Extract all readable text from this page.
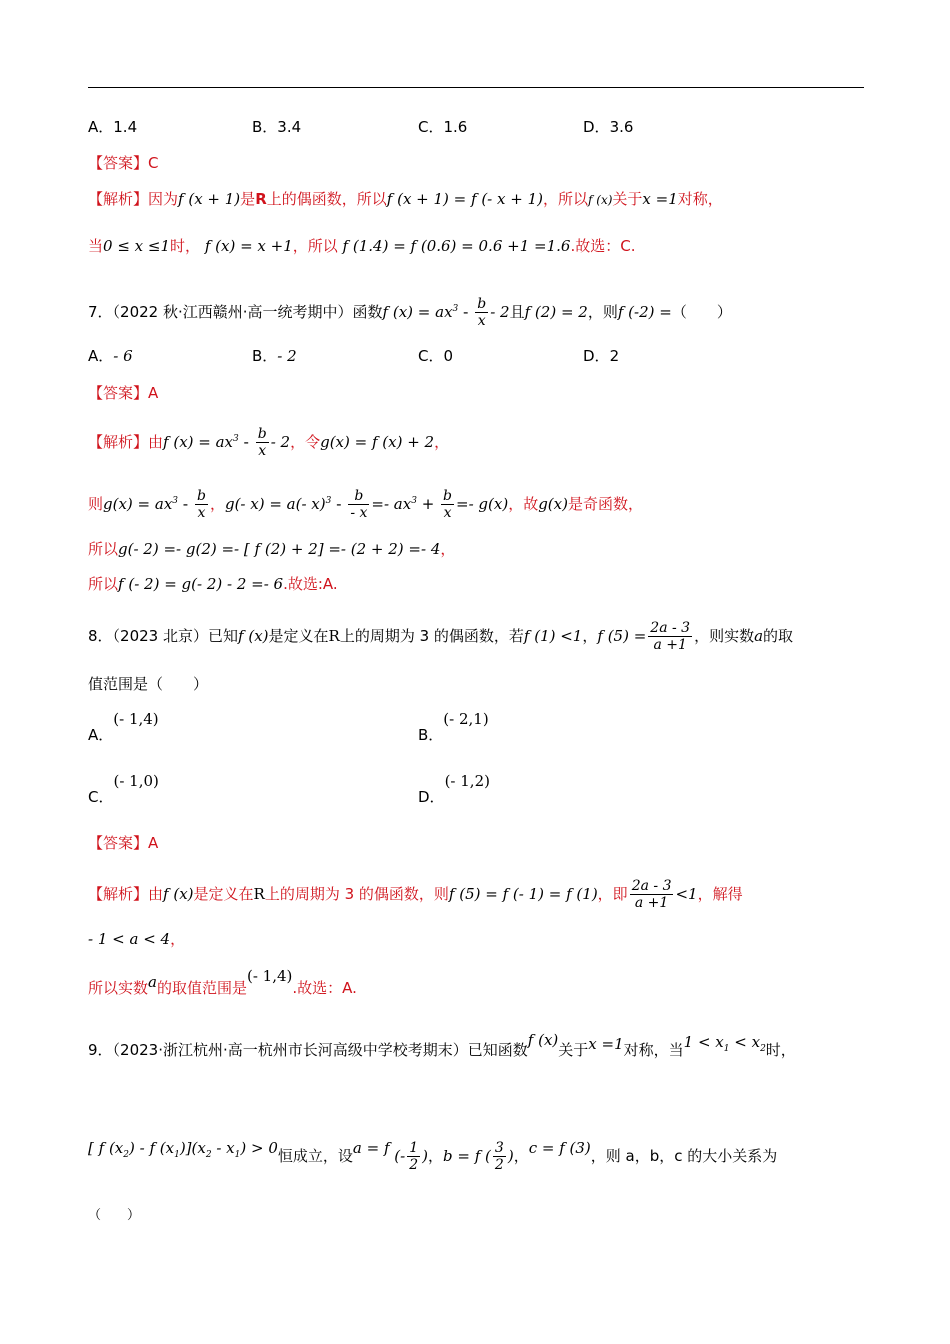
A．1.4	B．3.4	C．1.6	D．3.6
【答案】C
【解析】因为f (x + 1)是R上的偶函数，所以f (x + 1) = f (- x + 1)，所以f (x)关于x =1对称，
当0 ≤ x ≤1时， f (x) = x +1，所以 f (1.4) = f (0.6) = 0.6 +1 =1.6.故选：C.
7．（2022 秋·江西赣州·高一统考期中）函数f $(x) = ax^3 - \frac{b}{x} - 2$且f (2) = 2，则f (-2) =（　　）
A．- 6	B．- 2	C．0	D．2
【答案】A
【解析】由f $(x) = ax^3 - \frac{b}{x} - 2$，令g(x) = f (x) + 2，
则$g(x) = ax^3 - \frac{b}{x}$ ，g(- x) = a(- $x)^3 - \frac{b}{- x} =- ax^3 + \frac{b}{x} =- g(x)$，故g(x)是奇函数，
所以g(- 2) =- g(2) =- [ f (2) + 2] =- (2 + 2) =- 4，
所以f (- 2) = g(- 2) - 2 =- 6.故选:A.
8．（2023 北京）已知f (x)是定义在R上的周期为 3 的偶函数，若f (1) <1，f $(5) = \frac{2a - 3}{a +1}$ ，则实数a的取
值范围是（　　）
A．(- 1,4)
B．(- 2,1)
C．(- 1,0)
D．(- 1,2)
【答案】A
【解析】由f (x)是定义在R上的周期为 3 的偶函数，则f (5) = f (- 1) = f (1)，即 $\frac{2a - 3}{a +1} <1$，解得
- 1 < a < 4，
所以实数a的取值范围是(- 1,4).故选：A.
9．（2023·浙江杭州·高一杭州市长河高级中学校考期末）已知函数f (x)关于x =1对称，当$1 < x_1 < x_2$时，
[ f $(x_2)$ - f $(x_1)](x_2 - x_1) > 0$恒成立，设a = f (- $\frac{1}{2}$ )，b = f ( $\frac{3}{2}$ )，c = f (3)，则 a，b，c 的大小关系为
（　　）
